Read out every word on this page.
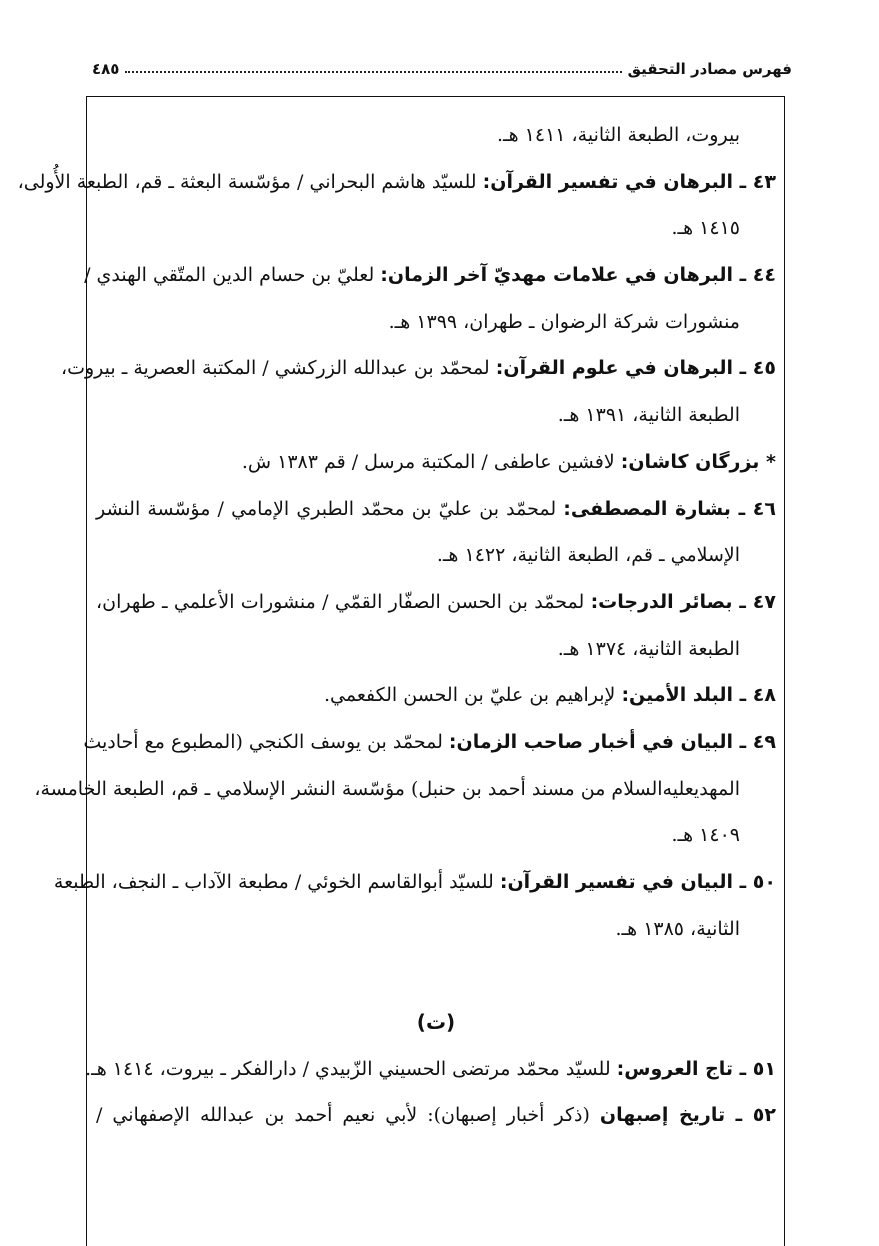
فهرس مصادر التحقيق
٤٨٥
بيروت، الطبعة الثانية، ١٤١١ هـ.
٤٣ ـ البرهان في تفسير القرآن: للسيّد هاشم البحراني / مؤسّسة البعثة ـ قم، الطبعة الأُولى،
١٤١٥ هـ.
٤٤ ـ البرهان في علامات مهديّ آخر الزمان: لعليّ بن حسام الدين المتّقي الهندي /
منشورات شركة الرضوان ـ طهران، ١٣٩٩ هـ.
٤٥ ـ البرهان في علوم القرآن: لمحمّد بن عبدالله الزركشي / المكتبة العصرية ـ بيروت،
الطبعة الثانية، ١٣٩١ هـ.
* بزرگان كاشان: لافشين عاطفى / المكتبة مرسل / قم ١٣٨٣ ش.
٤٦ ـ بشارة المصطفى: لمحمّد بن عليّ بن محمّد الطبري الإمامي / مؤسّسة النشر
الإسلامي ـ قم، الطبعة الثانية، ١٤٢٢ هـ.
٤٧ ـ بصائر الدرجات: لمحمّد بن الحسن الصفّار القمّي / منشورات الأعلمي ـ طهران،
الطبعة الثانية، ١٣٧٤ هـ.
٤٨ ـ البلد الأمين: لإبراهيم بن عليّ بن الحسن الكفعمي.
٤٩ ـ البيان في أخبار صاحب الزمان: لمحمّد بن يوسف الكنجي (المطبوع مع أحاديث
المهديعليه‌السلام من مسند أحمد بن حنبل) مؤسّسة النشر الإسلامي ـ قم، الطبعة الخامسة،
١٤٠٩ هـ.
٥٠ ـ البيان في تفسير القرآن: للسيّد أبوالقاسم الخوئي / مطبعة الآداب ـ النجف، الطبعة
الثانية، ١٣٨٥ هـ.
(ت)
٥١ ـ تاج العروس: للسيّد محمّد مرتضى الحسيني الزّبيدي / دارالفكر ـ بيروت، ١٤١٤ هـ.
٥٢ ـ تاريخ إصبهان (ذكر أخبار إصبهان): لأبي نعيم أحمد بن عبدالله الإصفهاني /
